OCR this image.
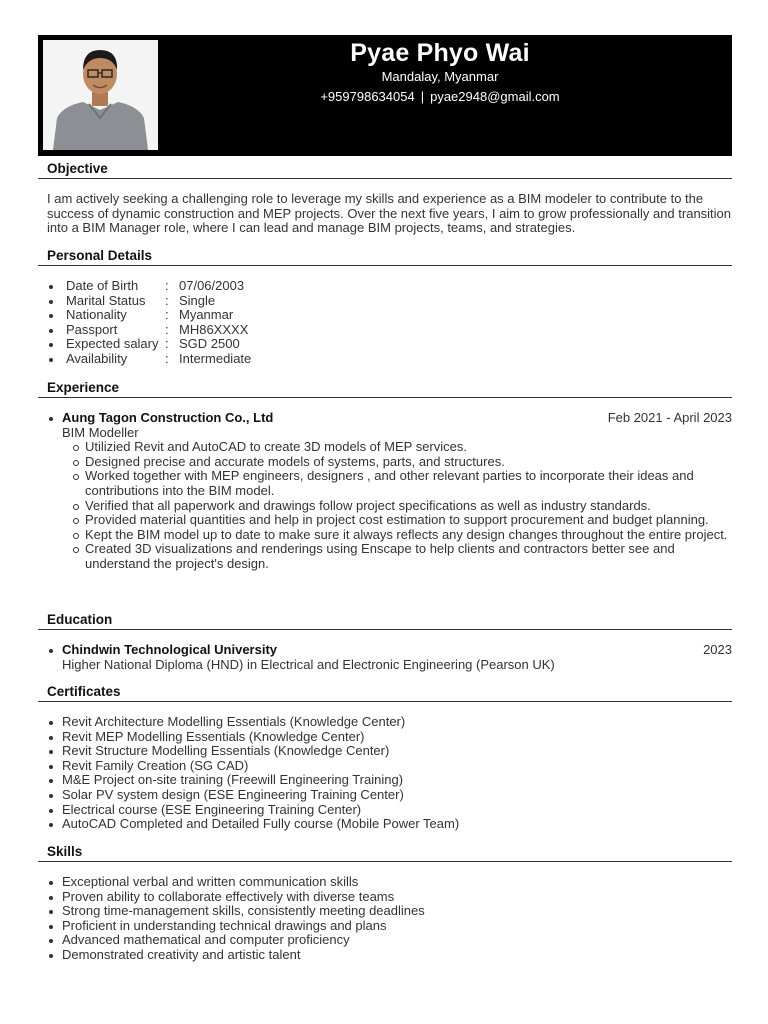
Pyae Phyo Wai
Mandalay, Myanmar
+959798634054 | pyae2948@gmail.com
Objective
I am actively seeking a challenging role to leverage my skills and experience as a BIM modeler to contribute to the success of dynamic construction and MEP projects. Over the next five years, I aim to grow professionally and transition into a BIM Manager role, where I can lead and manage BIM projects, teams, and strategies.
Personal Details
Date of Birth	: 07/06/2003
Marital Status	: Single
Nationality	: Myanmar
Passport	: MH86XXXX
Expected salary : SGD 2500
Availability	: Intermediate
Experience
Aung Tagon Construction Co., Ltd	Feb 2021 - April 2023
BIM Modeller
Utilizied Revit and AutoCAD to create 3D models of MEP services.
Designed precise and accurate models of systems, parts, and structures.
Worked together with MEP engineers, designers , and other relevant parties to incorporate their ideas and contributions into the BIM model.
Verified that all paperwork and drawings follow project specifications as well as industry standards.
Provided material quantities and help in project cost estimation to support procurement and budget planning.
Kept the BIM model up to date to make sure it always reflects any design changes throughout the entire project.
Created 3D visualizations and renderings using Enscape to help clients and contractors better see and understand the project's design.
Education
Chindwin Technological University	2023
Higher National Diploma (HND) in Electrical and Electronic Engineering (Pearson UK)
Certificates
Revit Architecture Modelling Essentials (Knowledge Center)
Revit MEP Modelling Essentials (Knowledge Center)
Revit Structure Modelling Essentials (Knowledge Center)
Revit Family Creation (SG CAD)
M&E Project on-site training (Freewill Engineering Training)
Solar PV system design (ESE Engineering Training Center)
Electrical course (ESE Engineering Training Center)
AutoCAD Completed and Detailed Fully course (Mobile Power Team)
Skills
Exceptional verbal and written communication skills
Proven ability to collaborate effectively with diverse teams
Strong time-management skills, consistently meeting deadlines
Proficient in understanding technical drawings and plans
Advanced mathematical and computer proficiency
Demonstrated creativity and artistic talent
